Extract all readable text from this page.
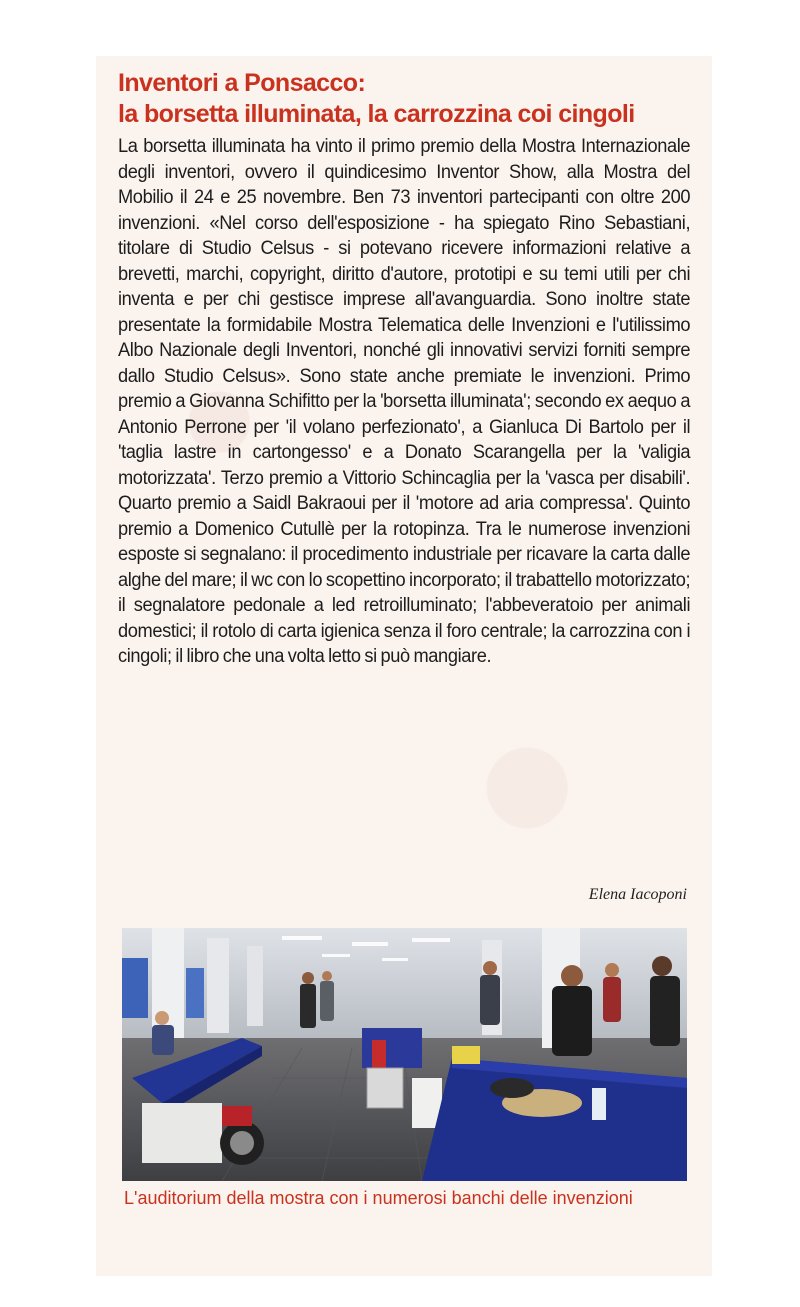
Inventori a Ponsacco:
la borsetta illuminata, la carrozzina coi cingoli

La borsetta illuminata ha vinto il primo premio della Mostra Internazionale degli inventori, ovvero il quindicesimo Inventor Show, alla Mostra del Mobilio il 24 e 25 novembre. Ben 73 inventori partecipanti con oltre 200 invenzioni. «Nel corso dell'esposizione - ha spiegato Rino Sebastiani, titolare di Studio Celsus - si potevano ricevere informazioni relative a brevetti, marchi, copyright, diritto d'autore, prototipi e su temi utili per chi inventa e per chi gestisce imprese all'avanguardia. Sono inoltre state presentate la formidabile Mostra Telematica delle Invenzioni e l'utilissimo Albo Nazionale degli Inventori, nonché gli innovativi servizi forniti sempre dallo Studio Celsus». Sono state anche premiate le invenzioni. Primo premio a Giovanna Schifitto per la 'borsetta illuminata'; secondo ex aequo a Antonio Perrone per 'il volano perfezionato', a Gianluca Di Bartolo per il 'taglia lastre in cartongesso' e a Donato Scarangella per la 'valigia motorizzata'. Terzo premio a Vittorio Schincaglia per la 'vasca per disabili'. Quarto premio a Saidl Bakraoui per il 'motore ad aria compressa'. Quinto premio a Domenico Cutullè per la rotopinza. Tra le numerose invenzioni esposte si segnalano: il procedimento industriale per ricavare la carta dalle alghe del mare; il wc con lo scopettino incorporato; il trabattello motorizzato; il segnalatore pedonale a led retroilluminato; l'abbeveratoio per animali domestici; il rotolo di carta igienica senza il foro centrale; la carrozzina con i cingoli; il libro che una volta letto si può mangiare.

Elena Iacoponi

L'auditorium della mostra con i numerosi banchi delle invenzioni
